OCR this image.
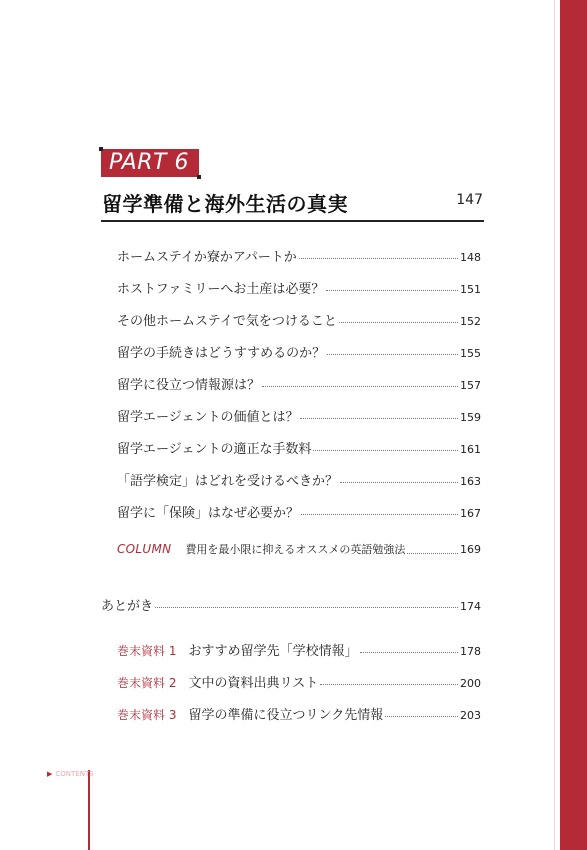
PART 6
留学準備と海外生活の真実	147
ホームステイか寮かアパートか	148
ホストファミリーへお土産は必要？	151
その他ホームステイで気をつけること	152
留学の手続きはどうすすめるのか？	155
留学に役立つ情報源は？	157
留学エージェントの価値とは？	159
留学エージェントの適正な手数料	161
「語学検定」はどれを受けるべきか？	163
留学に「保険」はなぜ必要か？	167
COLUMN 費用を最小限に抑えるオススメの英語勉強法	169
あとがき	174
巻末資料 1 おすすめ留学先「学校情報」	178
巻末資料 2 文中の資料出典リスト	200
巻末資料 3 留学の準備に役立つリンク先情報	203
▶ CONTENTS
